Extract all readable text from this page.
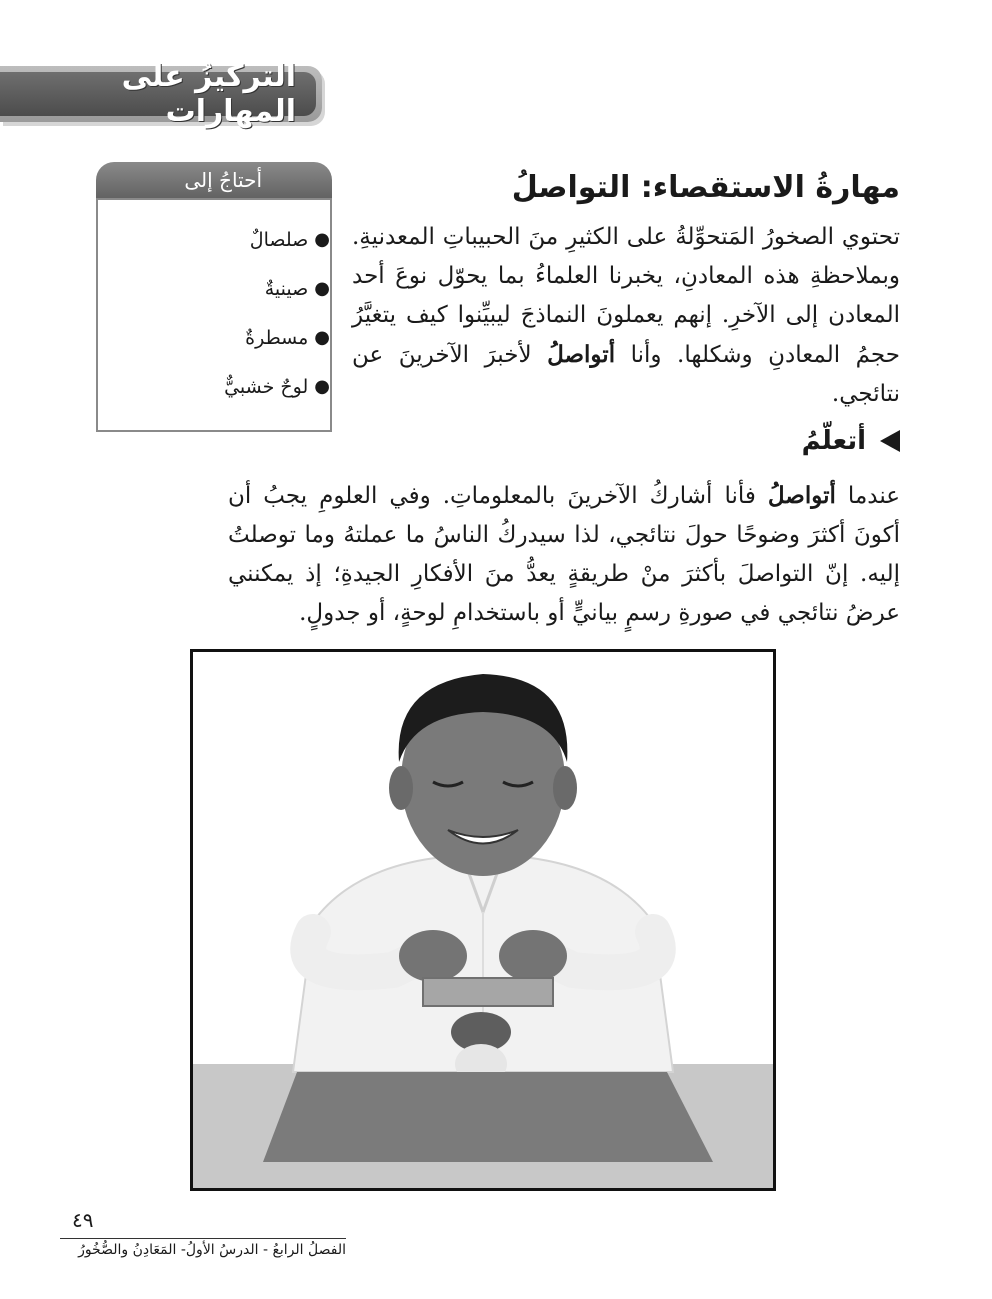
التركيزُ على المهارات
أحتاجُ إلى
●
صلصالٌ
●
صينيةٌ
●
مسطرةٌ
●
لوحٌ خشبيٌّ
مهارةُ الاستقصاء: التواصلُ
تحتوي الصخورُ المَتحوِّلةُ على الكثيرِ منَ الحبيباتِ المعدنيةِ. وبملاحظةِ هذه المعادنِ، يخبرنا العلماءُ بما يحوّل نوعَ أحد المعادن إلى الآخرِ. إنهم يعملونَ النماذجَ ليبيِّنوا كيف يتغيَّرُ حجمُ المعادنِ وشكلها. وأنا أتواصلُ لأخبرَ الآخرينَ عن نتائجي.
أتعلّمُ
عندما أتواصلُ فأنا أشاركُ الآخرينَ بالمعلوماتِ. وفي العلومِ يجبُ أن أكونَ أكثرَ وضوحًا حولَ نتائجي، لذا سيدركُ الناسُ ما عملتهُ وما توصلتُ إليه. إنّ التواصلَ بأكثرَ منْ طريقةٍ يعدُّ منَ الأفكارِ الجيدةِ؛ إذ يمكنني عرضُ نتائجي في صورةِ رسمٍ بيانيٍّ أو باستخدامِ لوحةٍ، أو جدولٍ.
٤٩
الفصلُ الرابعُ - الدرسُ الأولُ- المَعَادِنُ والصُّخُورُ
